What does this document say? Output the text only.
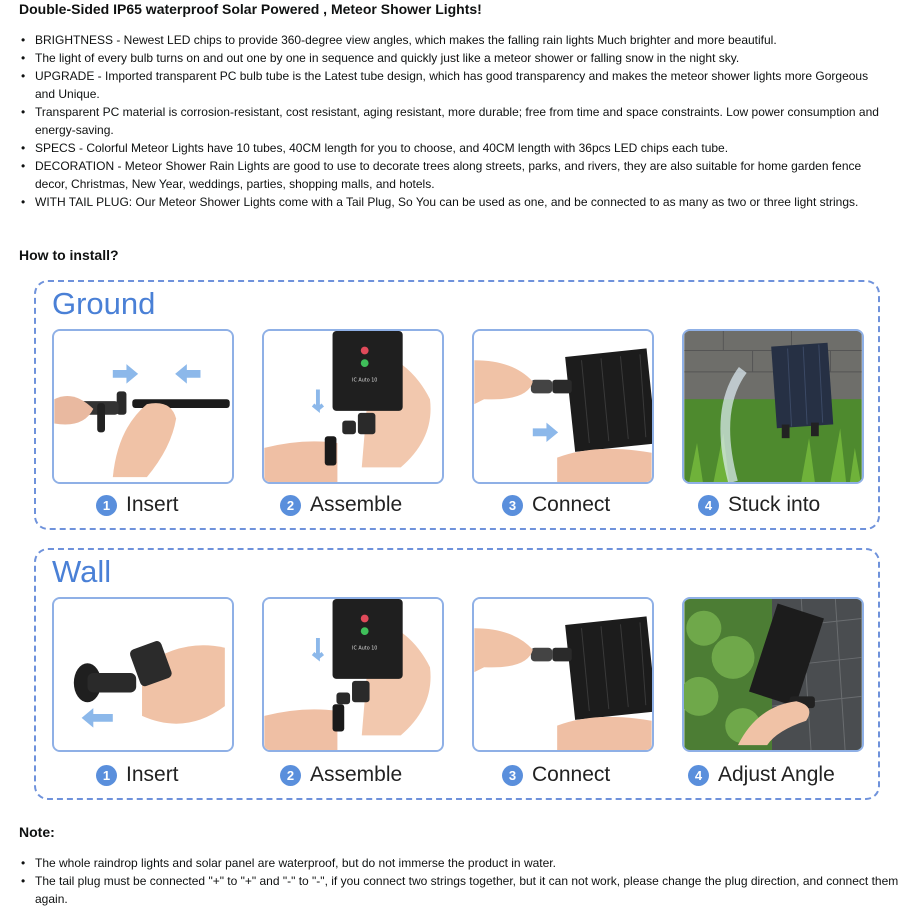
Double-Sided IP65 waterproof Solar Powered , Meteor Shower Lights!
• BRIGHTNESS - Newest LED chips to provide 360-degree view angles, which makes the falling rain lights Much brighter and more beautiful.
• The light of every bulb turns on and out one by one in sequence and quickly just like a meteor shower or falling snow in the night sky.
• UPGRADE - Imported transparent PC bulb tube is the Latest tube design, which has good transparency and makes the meteor shower lights more Gorgeous and Unique.
• Transparent PC material is corrosion-resistant, cost resistant, aging resistant, more durable; free from time and space constraints. Low power consumption and energy-saving.
• SPECS - Colorful Meteor Lights have 10 tubes, 40CM length for you to choose, and 40CM length with 36pcs LED chips each tube.
• DECORATION - Meteor Shower Rain Lights are good to use to decorate trees along streets, parks, and rivers, they are also suitable for home garden fence decor, Christmas, New Year, weddings, parties, shopping malls, and hotels.
• WITH TAIL PLUG: Our Meteor Shower Lights come with a Tail Plug, So You can be used as one, and be connected to as many as two or three light strings.
How to install?
Ground
1 Insert
IC Auto 10
2 Assemble	3 Connect	4 Stuck into
Wall
1 Insert
IC Auto 10
2 Assemble	3 Connect	4 Adjust Angle
Note:
• The whole raindrop lights and solar panel are waterproof, but do not immerse the product in water.
• The tail plug must be connected "+" to "+" and "-" to "-", if you connect two strings together, but it can not work, please change the plug direction, and connect them again.
